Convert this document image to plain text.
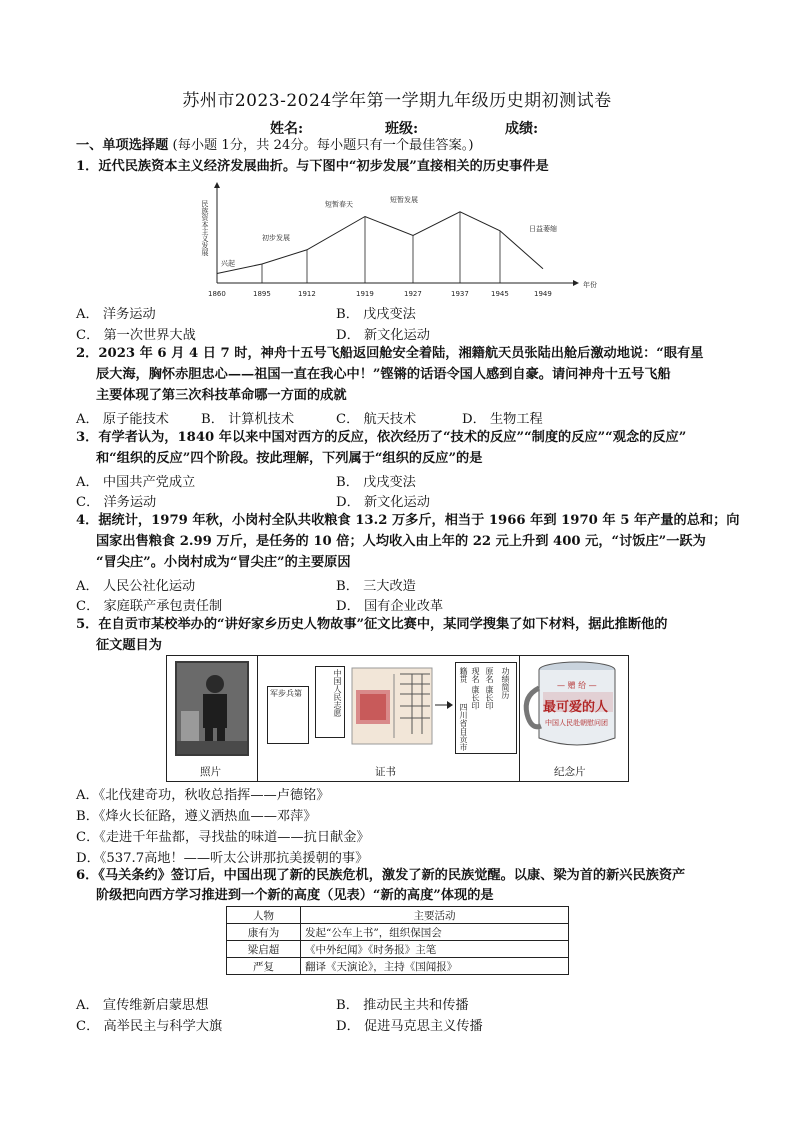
苏州市2023-2024学年第一学期九年级历史期初测试卷
姓名:	班级:	成绩:
一、单项选择题 (每小题 1分，共 24分。每小题只有一个最佳答案。)
1．近代民族资本主义经济发展曲折。与下图中“初步发展”直接相关的历史事件是
民族资本主义发展
年份
1860	1895	1912	1919	1927	1937	1945	1949
兴起
初步发展
短暂春天
短暂发展
日益萎缩
A． 洋务运动	B． 戊戌变法
C． 第一次世界大战	D． 新文化运动
2．2023 年 6 月 4 日 7 时，神舟十五号飞船返回舱安全着陆，湘籍航天员张陆出舱后激动地说：“眼有星
辰大海，胸怀赤胆忠心——祖国一直在我心中！”铿锵的话语令国人感到自豪。请问神舟十五号飞船
主要体现了第三次科技革命哪一方面的成就
A． 原子能技术 B． 计算机技术	C． 航天技术	D． 生物工程
3．有学者认为，1840 年以来中国对西方的反应，依次经历了“技术的反应”“制度的反应”“观念的反应”
和“组织的反应”四个阶段。按此理解，下列属于“组织的反应”的是
A． 中国共产党成立	B． 戊戌变法
C． 洋务运动	D． 新文化运动
4．据统计，1979 年秋，小岗村全队共收粮食 13.2 万多斤，相当于 1966 年到 1970 年 5 年产量的总和；向
国家出售粮食 2.99 万斤，是任务的 10 倍；人均收入由上年的 22 元上升到 400 元，“讨饭庄”一跃为
“冒尖庄”。小岗村成为“冒尖庄”的主要原因
A． 人民公社化运动	B． 三大改造
C． 家庭联产承包责任制	D． 国有企业改革
5．在自贡市某校举办的“讲好家乡历史人物故事”征文比赛中，某同学搜集了如下材料，据此推断他的
征文题目为
照片
军步兵第	中国人民志愿	籍贯 现名 康长印 原名 康长印 功绩简历
四川省自贡市
证书
— 赠 给 —
最可爱的人
中国人民赴朝慰问团
纪念片
A．《北伐建奇功，秋收总指挥——卢德铭》
B．《烽火长征路，遵义洒热血——邓萍》
C．《走进千年盐都，寻找盐的味道——抗日献金》
D．《537.7高地！——听太公讲那抗美援朝的事》
6．《马关条约》签订后，中国出现了新的民族危机，激发了新的民族觉醒。以康、梁为首的新兴民族资产
阶级把向西方学习推进到一个新的高度（见表）“新的高度”体现的是
人物	主要活动
康有为	发起“公车上书”，组织保国会
梁启超	《中外纪闻》《时务报》主笔
严复	翻译《天演论》，主持《国闻报》
A． 宣传维新启蒙思想	B． 推动民主共和传播
C． 高举民主与科学大旗	D． 促进马克思主义传播
